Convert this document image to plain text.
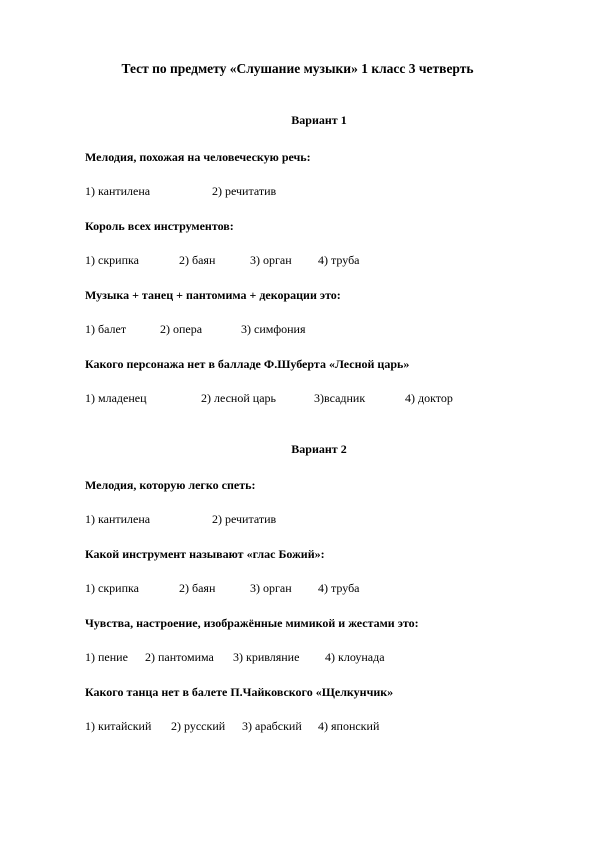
Тест по предмету «Слушание музыки» 1 класс 3 четверть
Вариант 1
Мелодия, похожая на человеческую речь:
1) кантилена	2) речитатив
Король всех инструментов:
1) скрипка	2) баян	3) орган	4) труба
Музыка + танец + пантомима + декорации это:
1) балет	2) опера	3) симфония
Какого персонажа нет в балладе Ф.Шуберта «Лесной царь»
1) младенец	2) лесной царь	3)всадник	4) доктор
Вариант 2
Мелодия, которую легко спеть:
1) кантилена	2) речитатив
Какой инструмент называют «глас Божий»:
1) скрипка	2) баян	3) орган	4) труба
Чувства, настроение, изображённые мимикой и жестами это:
1) пение	2) пантомима	3) кривляние	4) клоунада
Какого танца нет в балете П.Чайковского «Щелкунчик»
1) китайский	2) русский	3) арабский	4) японский
